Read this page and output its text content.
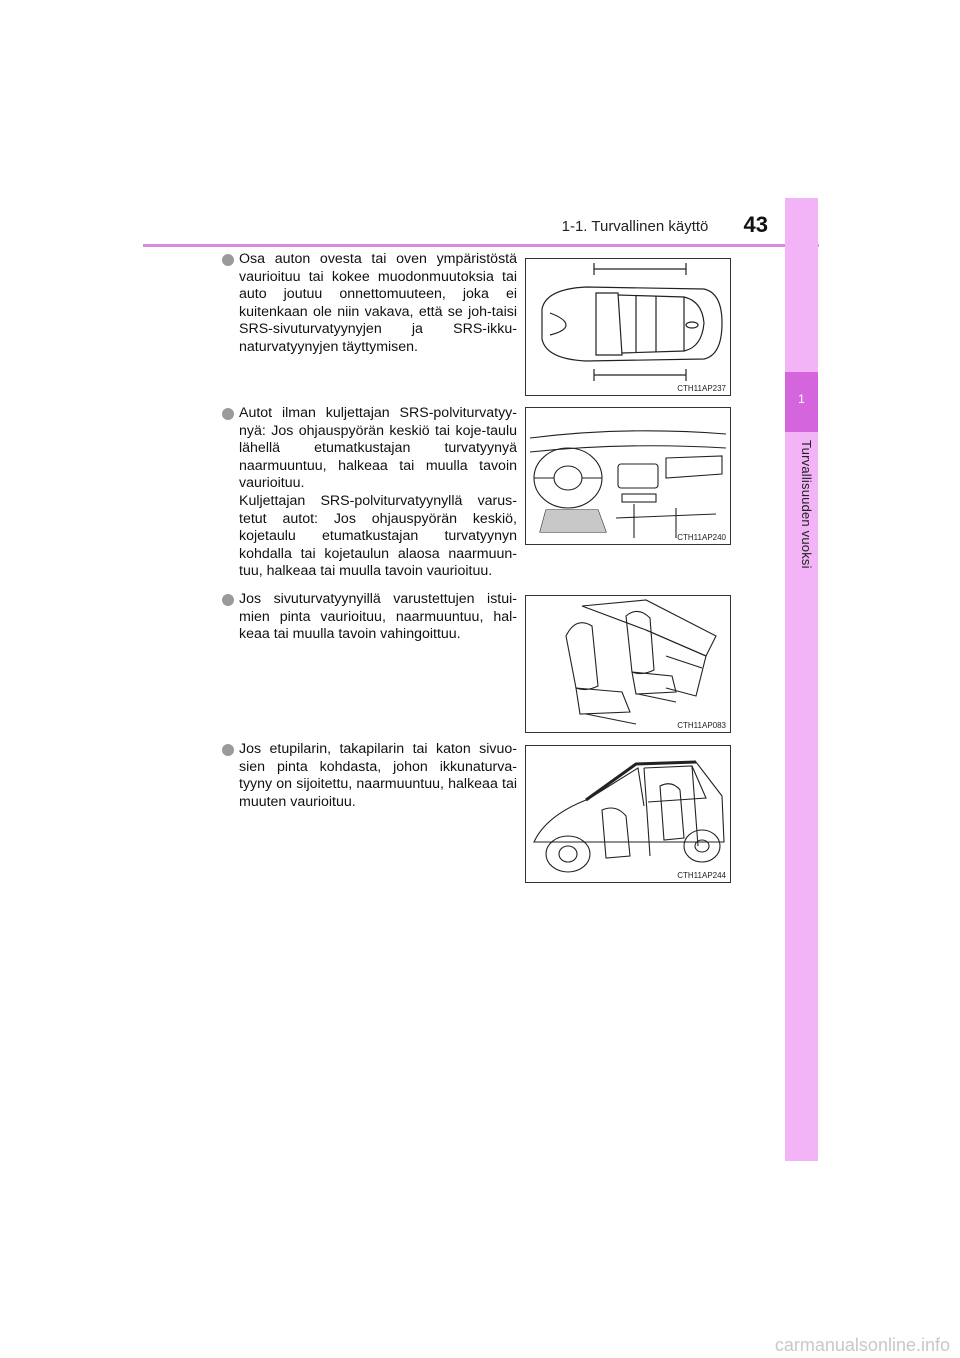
1-1. Turvallinen käyttö	43
1
Turvallisuuden vuoksi
Osa auton ovesta tai oven ympäristöstä vaurioituu tai kokee muodonmuutoksia tai auto joutuu onnettomuuteen, joka ei kuitenkaan ole niin vakava, että se joh-taisi SRS-sivuturvatyynyjen ja SRS-ikku-naturvatyynyjen täyttymisen.
CTH11AP237
Autot ilman kuljettajan SRS-polviturvatyy-nyä: Jos ohjauspyörän keskiö tai koje-taulu lähellä etumatkustajan turvatyynyä naarmuuntuu, halkeaa tai muulla tavoin vaurioituu.
Kuljettajan SRS-polviturvatyynyllä varus-tetut autot: Jos ohjauspyörän keskiö, kojetaulu etumatkustajan turvatyynyn kohdalla tai kojetaulun alaosa naarmuun-tuu, halkeaa tai muulla tavoin vaurioituu.
CTH11AP240
Jos sivuturvatyynyillä varustettujen istui-mien pinta vaurioituu, naarmuuntuu, hal-keaa tai muulla tavoin vahingoittuu.
CTH11AP083
Jos etupilarin, takapilarin tai katon sivuo-sien pinta kohdasta, johon ikkunaturva-tyyny on sijoitettu, naarmuuntuu, halkeaa tai muuten vaurioituu.
CTH11AP244
carmanualsonline.info
